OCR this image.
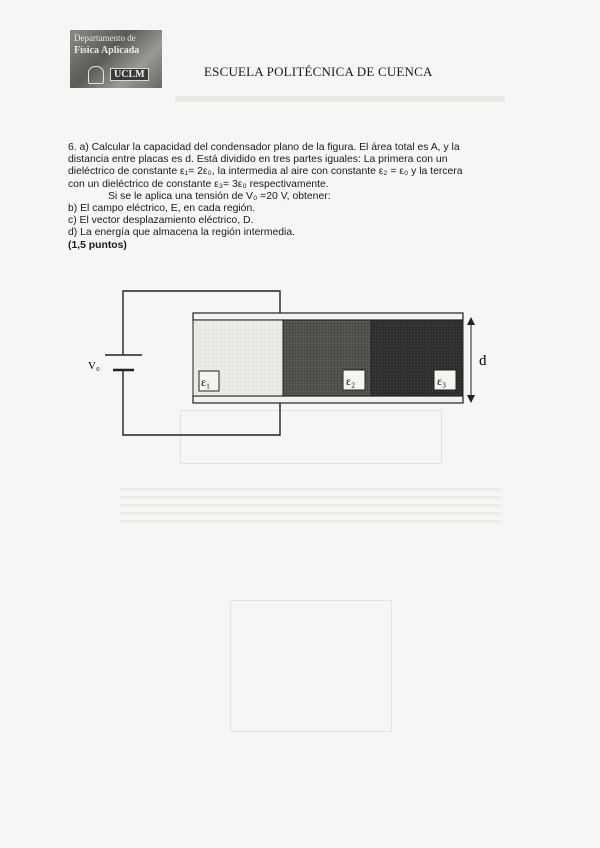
Departamento de
Física Aplicada
UCLM	ESCUELA POLITÉCNICA DE CUENCA

6. a) Calcular la capacidad del condensador plano de la figura. El área total es A, y la

distancia entre placas es d. Está dividido en tres partes iguales: La primera con un

dieléctrico de constante ε₁= 2ε₀, la intermedia al aire con constante ε₂ = ε₀ y la tercera

con un dieléctrico de constante ε₃= 3ε₀ respectivamente.

Si se le aplica una tensión de V₀ =20 V, obtener:

b) El campo eléctrico, E, en cada región.

c) El vector desplazamiento eléctrico, D.

d) La energía que almacena la región intermedia.

(1,5 puntos)

V₀
ε₁	ε₂	ε₃
d
